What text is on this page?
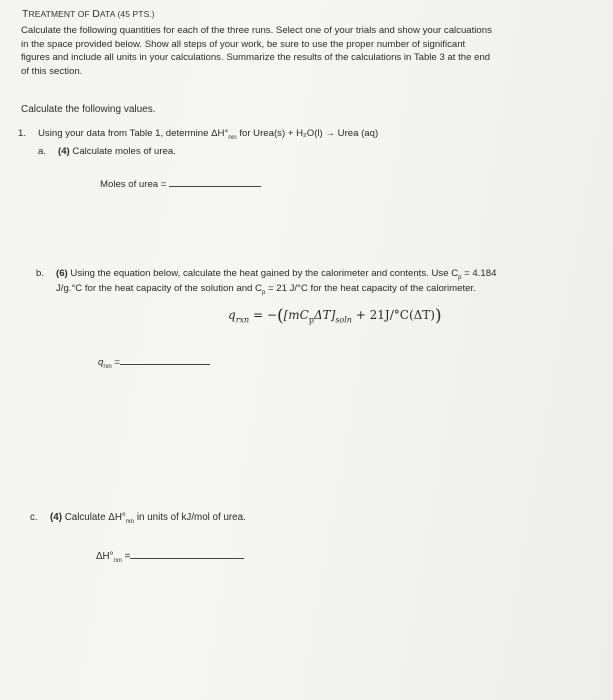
TREATMENT OF DATA (45 PTS.)
Calculate the following quantities for each of the three runs. Select one of your trials and show your calcuations
in the space provided below. Show all steps of your work, be sure to use the proper number of significant
figures and include all units in your calculations. Summarize the results of the calculations in Table 3 at the end
of this section.
Calculate the following values.
1. Using your data from Table 1, determine $\Delta H^\circ_{rxn}$ for Urea(s) + H₂O(l) → Urea (aq)
a. (4) Calculate moles of urea.
Moles of urea =
b. (6) Using the equation below, calculate the heat gained by the calorimeter and contents. Use $C_p = 4.184$
J/g.°C for the heat capacity of the solution and $C_p = 21$ J/°C for the heat capacity of the calorimeter.
$q_{rxn} = -([mC_p\Delta T]_{soln} + 21J/^\circ C(\Delta T))$
$q_{rxn}$ =
c. (4) Calculate $\Delta H^\circ_{rxn}$ in units of kJ/mol of urea.
$\Delta H^\circ_{rxn}$ =
